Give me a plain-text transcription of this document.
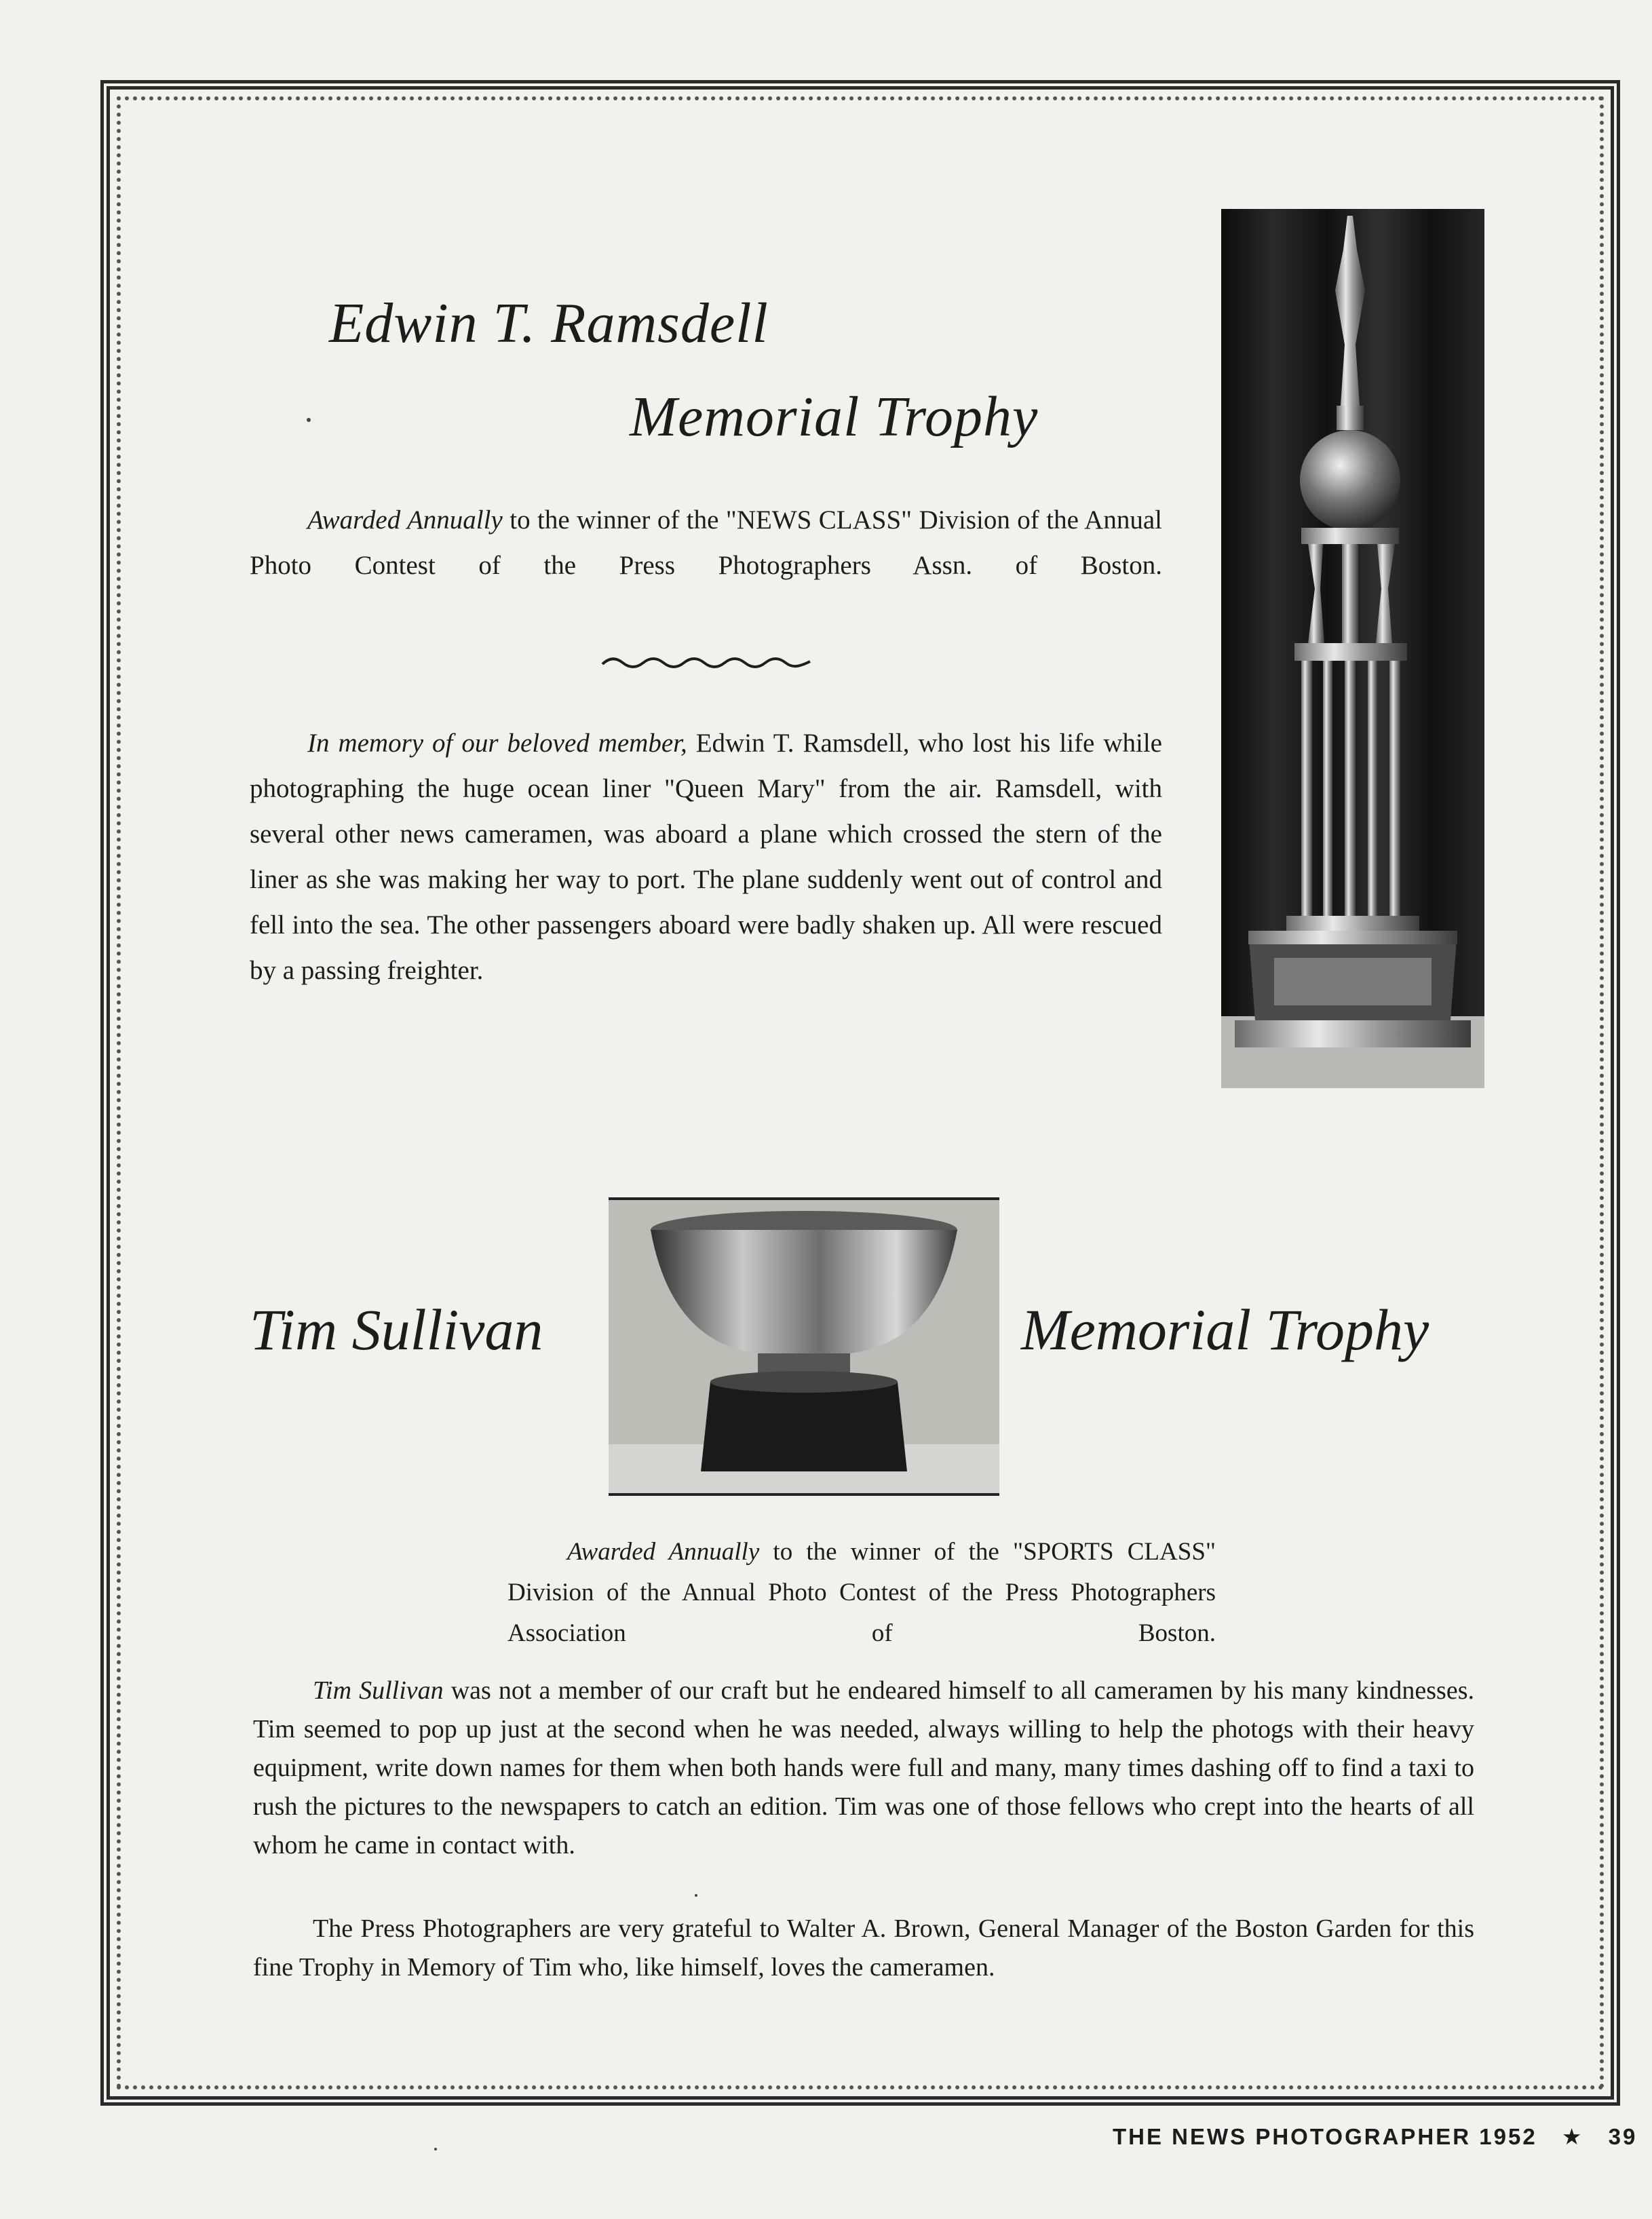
Edwin T. Ramsdell
Memorial Trophy
Awarded Annually to the winner of the "NEWS CLASS" Division of the Annual Photo Contest of the Press Photographers Assn. of Boston.
In memory of our beloved member, Edwin T. Ramsdell, who lost his life while photographing the huge ocean liner "Queen Mary" from the air. Ramsdell, with several other news cameramen, was aboard a plane which crossed the stern of the liner as she was making her way to port. The plane suddenly went out of control and fell into the sea. The other passengers aboard were badly shaken up. All were rescued by a passing freighter.
Tim Sullivan	Memorial Trophy
Awarded Annually to the winner of the "SPORTS CLASS" Division of the Annual Photo Contest of the Press Photographers Association of Boston.
Tim Sullivan was not a member of our craft but he endeared himself to all cameramen by his many kindnesses. Tim seemed to pop up just at the second when he was needed, always willing to help the photogs with their heavy equipment, write down names for them when both hands were full and many, many times dashing off to find a taxi to rush the pictures to the newspapers to catch an edition. Tim was one of those fellows who crept into the hearts of all whom he came in contact with.
The Press Photographers are very grateful to Walter A. Brown, General Manager of the Boston Garden for this fine Trophy in Memory of Tim who, like himself, loves the cameramen.
THE NEWS PHOTOGRAPHER 1952 ★ 39
